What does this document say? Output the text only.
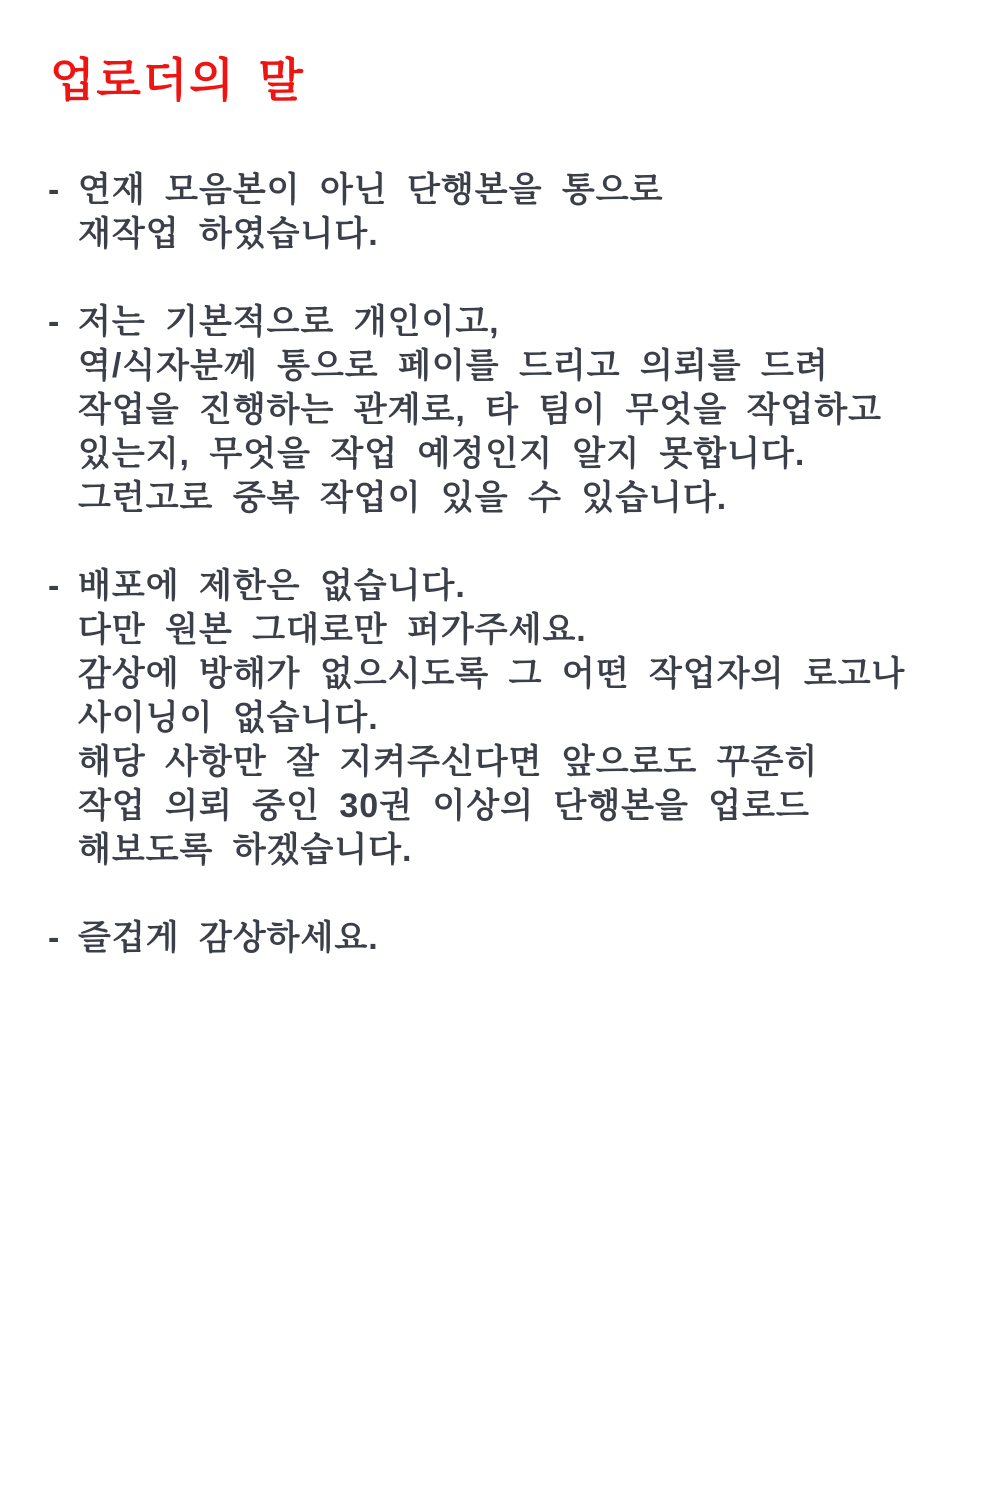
업로더의 말
- 연재 모음본이 아닌 단행본을 통으로
재작업 하였습니다.
- 저는 기본적으로 개인이고,
역/식자분께 통으로 페이를 드리고 의뢰를 드려
작업을 진행하는 관계로, 타 팀이 무엇을 작업하고
있는지, 무엇을 작업 예정인지 알지 못합니다.
그런고로 중복 작업이 있을 수 있습니다.
- 배포에 제한은 없습니다.
다만 원본 그대로만 퍼가주세요.
감상에 방해가 없으시도록 그 어떤 작업자의 로고나
사이닝이 없습니다.
해당 사항만 잘 지켜주신다면 앞으로도 꾸준히
작업 의뢰 중인 30권 이상의 단행본을 업로드
해보도록 하겠습니다.
- 즐겁게 감상하세요.
